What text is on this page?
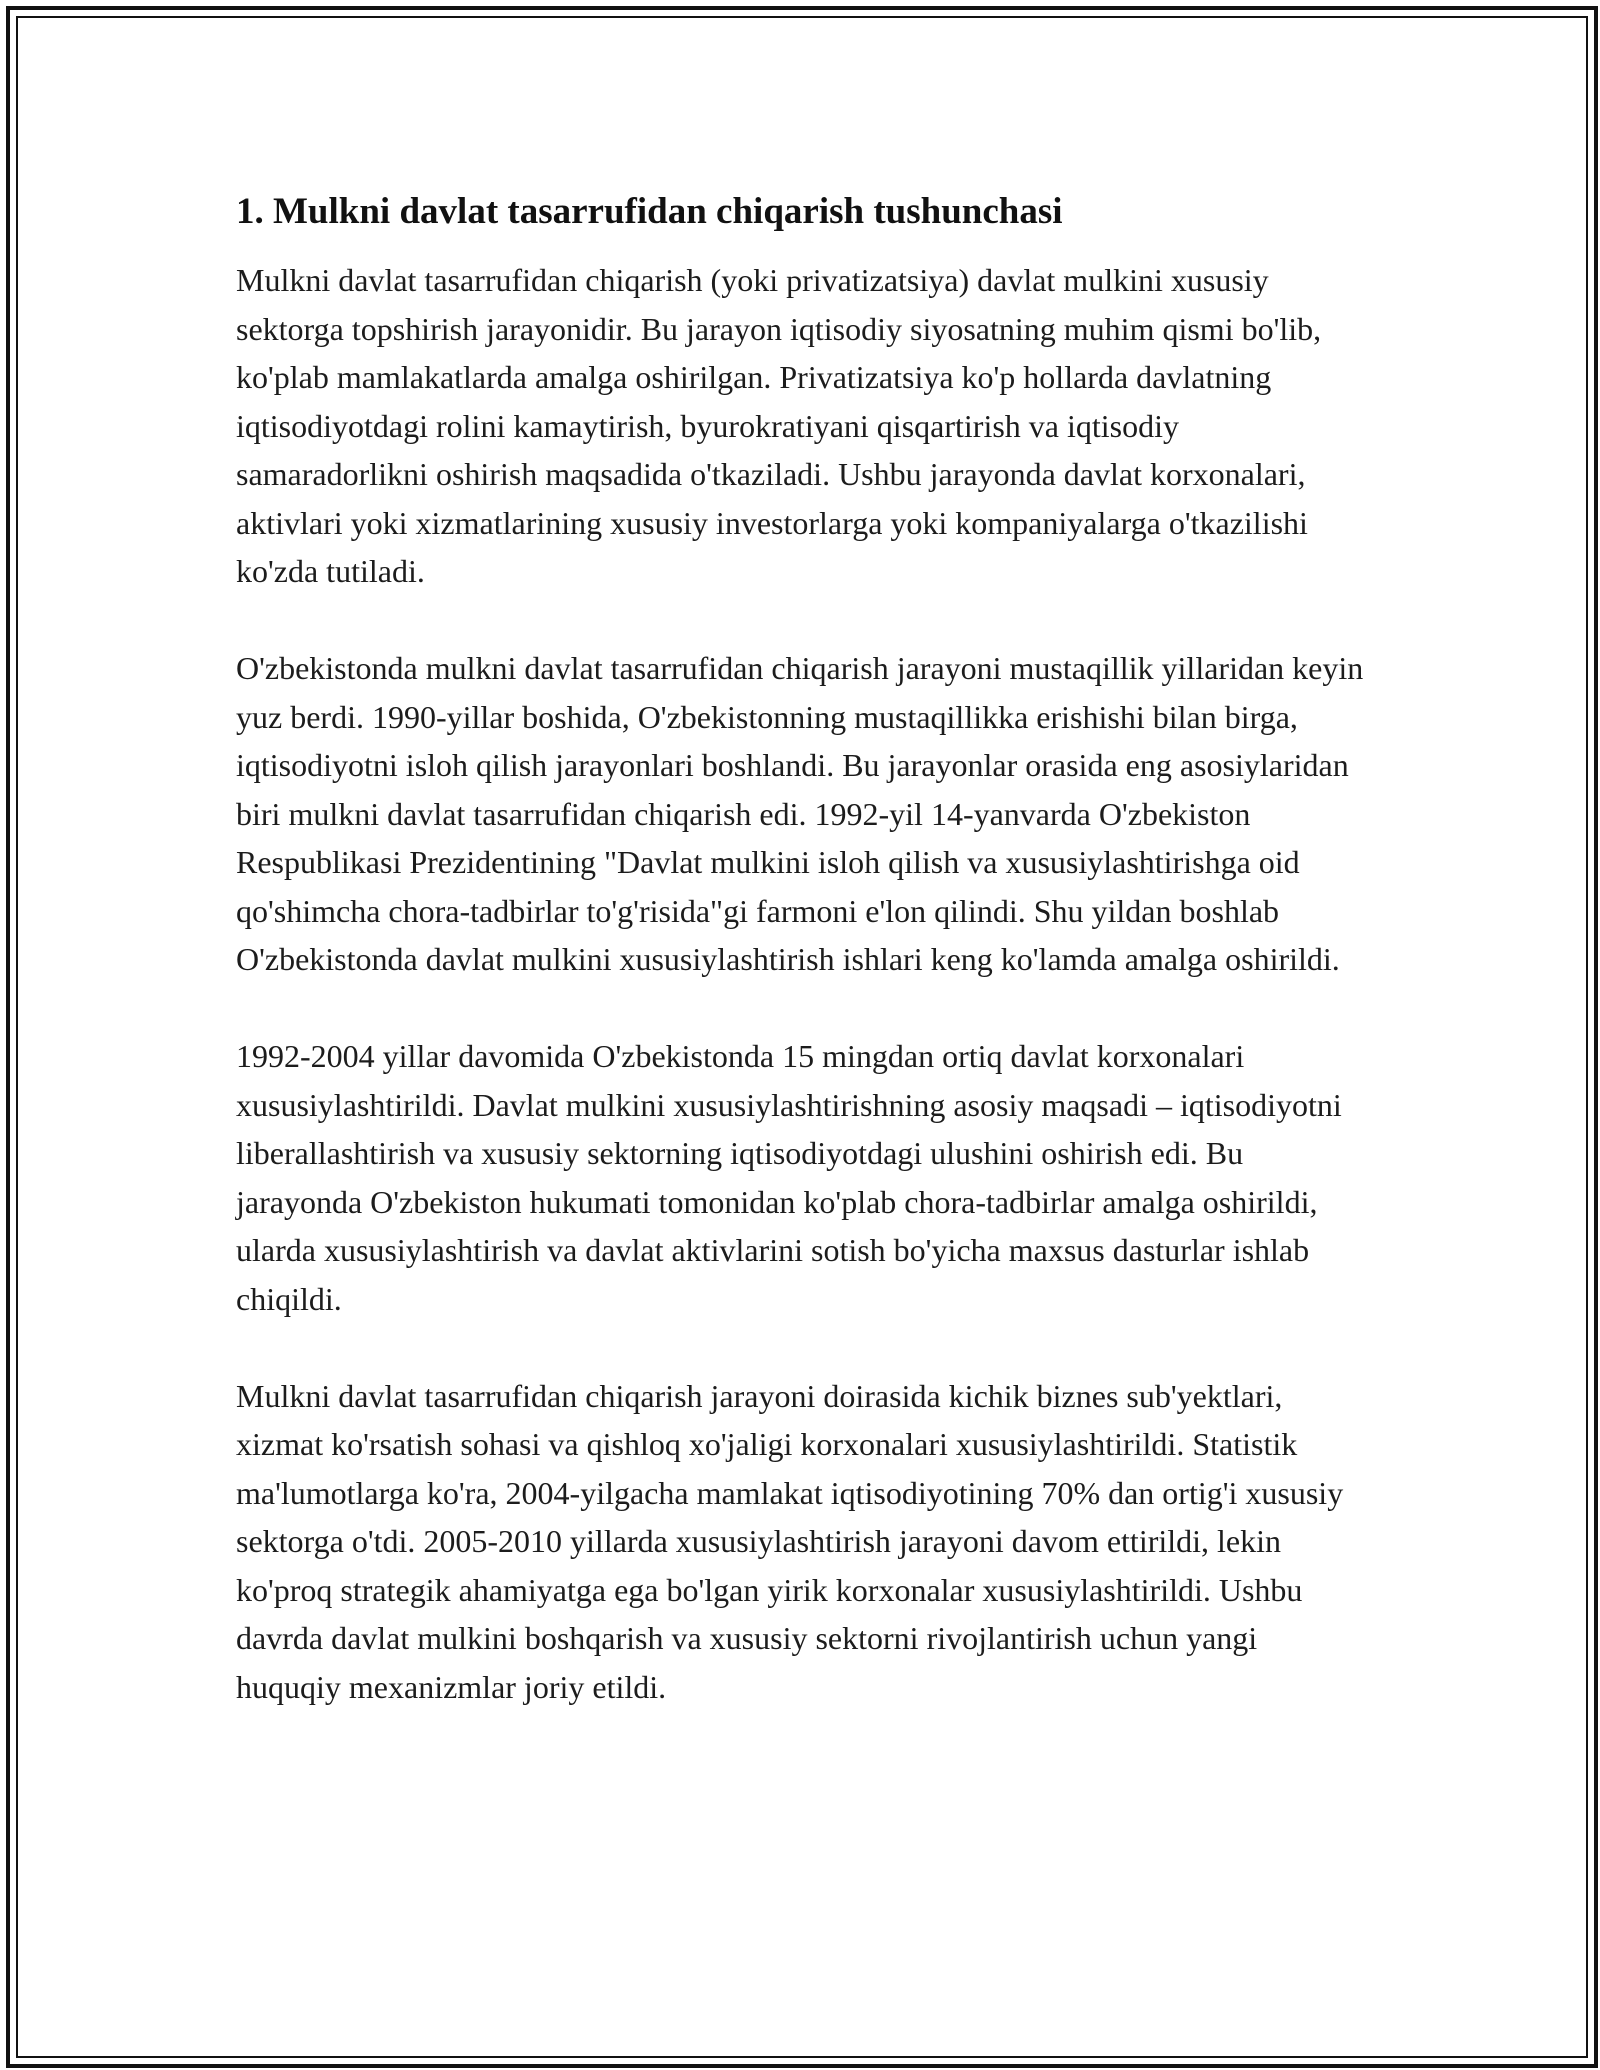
1. Mulkni davlat tasarrufidan chiqarish tushunchasi

Mulkni davlat tasarrufidan chiqarish (yoki privatizatsiya) davlat mulkini xususiy sektorga topshirish jarayonidir. Bu jarayon iqtisodiy siyosatning muhim qismi bo'lib, ko'plab mamlakatlarda amalga oshirilgan. Privatizatsiya ko'p hollarda davlatning iqtisodiyotdagi rolini kamaytirish, byurokratiyani qisqartirish va iqtisodiy samaradorlikni oshirish maqsadida o'tkaziladi. Ushbu jarayonda davlat korxonalari, aktivlari yoki xizmatlarining xususiy investorlarga yoki kompaniyalarga o'tkazilishi ko'zda tutiladi.

O'zbekistonda mulkni davlat tasarrufidan chiqarish jarayoni mustaqillik yillaridan keyin yuz berdi. 1990-yillar boshida, O'zbekistonning mustaqillikka erishishi bilan birga, iqtisodiyotni isloh qilish jarayonlari boshlandi. Bu jarayonlar orasida eng asosiylaridan biri mulkni davlat tasarrufidan chiqarish edi. 1992-yil 14-yanvarda O'zbekiston Respublikasi Prezidentining "Davlat mulkini isloh qilish va xususiylashtirishga oid qo'shimcha chora-tadbirlar to'g'risida"gi farmoni e'lon qilindi. Shu yildan boshlab O'zbekistonda davlat mulkini xususiylashtirish ishlari keng ko'lamda amalga oshirildi.

1992-2004 yillar davomida O'zbekistonda 15 mingdan ortiq davlat korxonalari xususiylashtirildi. Davlat mulkini xususiylashtirishning asosiy maqsadi – iqtisodiyotni liberallashtirish va xususiy sektorning iqtisodiyotdagi ulushini oshirish edi. Bu jarayonda O'zbekiston hukumati tomonidan ko'plab chora-tadbirlar amalga oshirildi, ularda xususiylashtirish va davlat aktivlarini sotish bo'yicha maxsus dasturlar ishlab chiqildi.

Mulkni davlat tasarrufidan chiqarish jarayoni doirasida kichik biznes sub'yektlari, xizmat ko'rsatish sohasi va qishloq xo'jaligi korxonalari xususiylashtirildi. Statistik ma'lumotlarga ko'ra, 2004-yilgacha mamlakat iqtisodiyotining 70% dan ortig'i xususiy sektorga o'tdi. 2005-2010 yillarda xususiylashtirish jarayoni davom ettirildi, lekin ko'proq strategik ahamiyatga ega bo'lgan yirik korxonalar xususiylashtirildi. Ushbu davrda davlat mulkini boshqarish va xususiy sektorni rivojlantirish uchun yangi huquqiy mexanizmlar joriy etildi.
